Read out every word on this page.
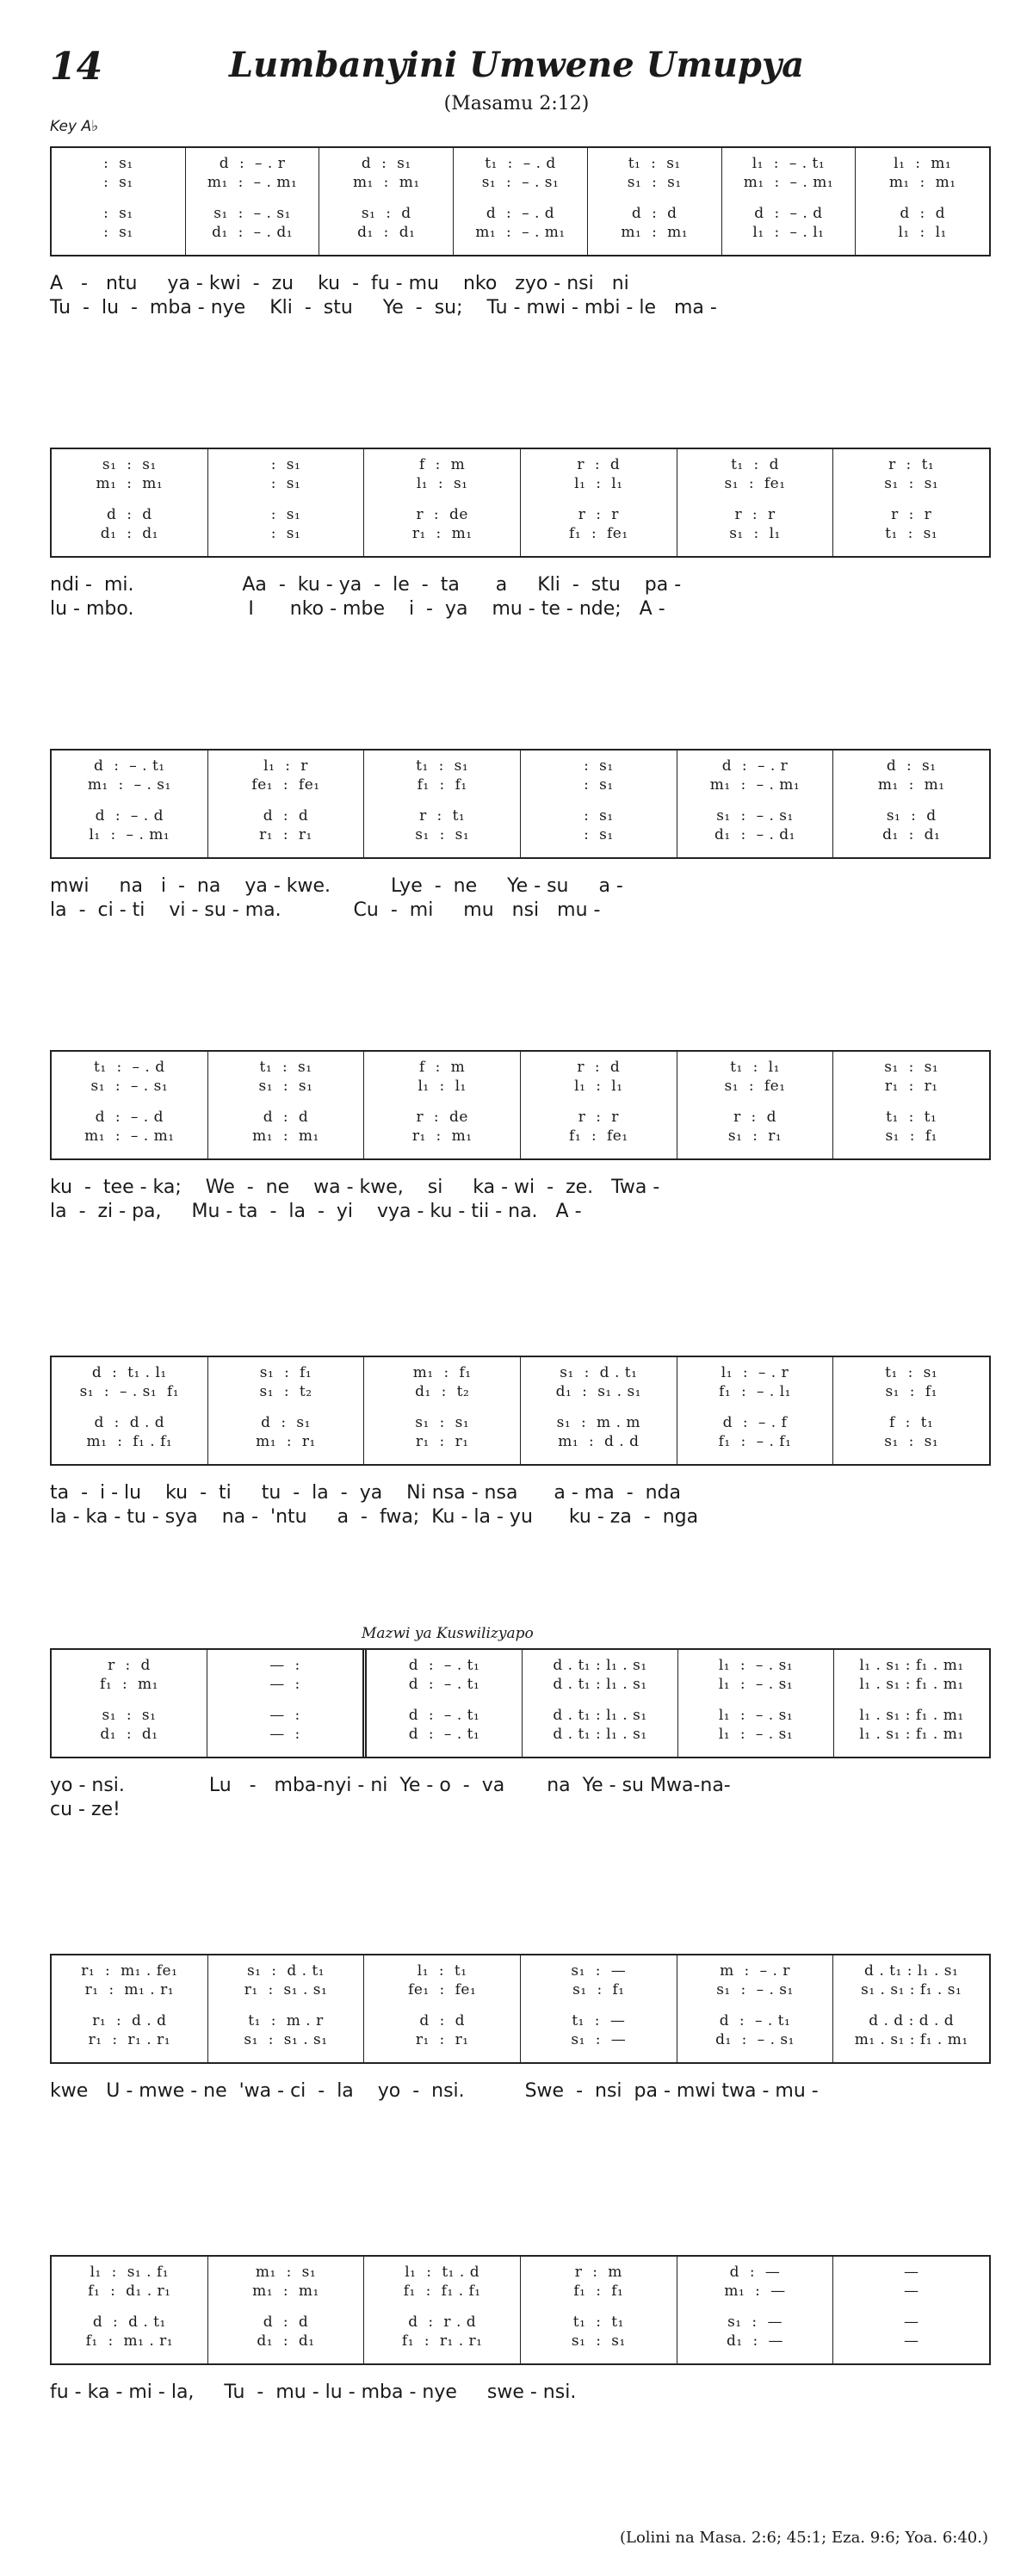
14	Lumbanyini Umwene Umupya
(Masamu 2:12)
Key A♭
:  s₁
:  s₁
:  s₁
:  s₁
d  :  – . r
m₁  :  – . m₁
s₁  :  – . s₁
d₁  :  – . d₁
d  :  s₁
m₁  :  m₁
s₁  :  d
d₁  :  d₁
t₁  :  – . d
s₁  :  – . s₁
d  :  – . d
m₁  :  – . m₁
t₁  :  s₁
s₁  :  s₁
d  :  d
m₁  :  m₁
l₁  :  – . t₁
m₁  :  – . m₁
d  :  – . d
l₁  :  – . l₁
l₁  :  m₁
m₁  :  m₁
d  :  d
l₁  :  l₁
A   -   ntu     ya - kwi  -  zu    ku  -  fu - mu    nko   zyo - nsi   ni
Tu  -  lu  -  mba - nye    Kli  -  stu     Ye  -  su;    Tu - mwi - mbi - le   ma -
s₁  :  s₁
m₁  :  m₁
d  :  d
d₁  :  d₁
:  s₁
:  s₁
:  s₁
:  s₁
f  :  m
l₁  :  s₁
r  :  de
r₁  :  m₁
r  :  d
l₁  :  l₁
r  :  r
f₁  :  fe₁
t₁  :  d
s₁  :  fe₁
r  :  r
s₁  :  l₁
r  :  t₁
s₁  :  s₁
r  :  r
t₁  :  s₁
ndi -  mi.                  Aa  -  ku - ya  -  le  -  ta      a     Kli  -  stu    pa -
lu - mbo.                   I      nko - mbe    i  -  ya    mu - te - nde;   A -
d  :  – . t₁
m₁  :  – . s₁
d  :  – . d
l₁  :  – . m₁
l₁  :  r
fe₁  :  fe₁
d  :  d
r₁  :  r₁
t₁  :  s₁
f₁  :  f₁
r  :  t₁
s₁  :  s₁
:  s₁
:  s₁
:  s₁
:  s₁
d  :  – . r
m₁  :  – . m₁
s₁  :  – . s₁
d₁  :  – . d₁
d  :  s₁
m₁  :  m₁
s₁  :  d
d₁  :  d₁
mwi     na   i  -  na    ya - kwe.          Lye  -  ne     Ye - su     a -
la  -  ci - ti    vi - su - ma.            Cu  -  mi     mu   nsi   mu -
t₁  :  – . d
s₁  :  – . s₁
d  :  – . d
m₁  :  – . m₁
t₁  :  s₁
s₁  :  s₁
d  :  d
m₁  :  m₁
f  :  m
l₁  :  l₁
r  :  de
r₁  :  m₁
r  :  d
l₁  :  l₁
r  :  r
f₁  :  fe₁
t₁  :  l₁
s₁  :  fe₁
r  :  d
s₁  :  r₁
s₁  :  s₁
r₁  :  r₁
t₁  :  t₁
s₁  :  f₁
ku  -  tee - ka;    We  -  ne    wa - kwe,    si     ka - wi  -  ze.   Twa -
la  -  zi - pa,     Mu - ta  -  la  -  yi    vya - ku - tii - na.   A -
d  :  t₁ . l₁
s₁  :  – . s₁  f₁
d  :  d . d
m₁  :  f₁ . f₁
s₁  :  f₁
s₁  :  t₂
d  :  s₁
m₁  :  r₁
m₁  :  f₁
d₁  :  t₂
s₁  :  s₁
r₁  :  r₁
s₁  :  d . t₁
d₁  :  s₁ . s₁
s₁  :  m . m
m₁  :  d . d
l₁  :  – . r
f₁  :  – . l₁
d  :  – . f
f₁  :  – . f₁
t₁  :  s₁
s₁  :  f₁
f  :  t₁
s₁  :  s₁
ta  -  i - lu    ku  -  ti     tu  -  la  -  ya    Ni nsa - nsa      a - ma  -  nda
la - ka - tu - sya    na -  'ntu     a  -  fwa;  Ku - la - yu      ku - za  -  nga
r  :  d
f₁  :  m₁
s₁  :  s₁
d₁  :  d₁
—  :
—  :
—  :
—  :
d  :  – . t₁
d  :  – . t₁
d  :  – . t₁
d  :  – . t₁
d . t₁ : l₁ . s₁
d . t₁ : l₁ . s₁
d . t₁ : l₁ . s₁
d . t₁ : l₁ . s₁
l₁  :  – . s₁
l₁  :  – . s₁
l₁  :  – . s₁
l₁  :  – . s₁
l₁ . s₁ : f₁ . m₁
l₁ . s₁ : f₁ . m₁
l₁ . s₁ : f₁ . m₁
l₁ . s₁ : f₁ . m₁
yo - nsi.              Lu   -   mba-nyi - ni  Ye - o  -  va       na  Ye - su Mwa-na-
cu - ze!
r₁  :  m₁ . fe₁
r₁  :  m₁ . r₁
r₁  :  d . d
r₁  :  r₁ . r₁
s₁  :  d . t₁
r₁  :  s₁ . s₁
t₁  :  m . r
s₁  :  s₁ . s₁
l₁  :  t₁
fe₁  :  fe₁
d  :  d
r₁  :  r₁
s₁  :  —
s₁  :  f₁
t₁  :  —
s₁  :  —
m  :  – . r
s₁  :  – . s₁
d  :  – . t₁
d₁  :  – . s₁
d . t₁ : l₁ . s₁
s₁ . s₁ : f₁ . s₁
d . d : d . d
m₁ . s₁ : f₁ . m₁
kwe   U - mwe - ne  'wa - ci  -  la    yo  -  nsi.          Swe  -  nsi  pa - mwi twa - mu -
l₁  :  s₁ . f₁
f₁  :  d₁ . r₁
d  :  d . t₁
f₁  :  m₁ . r₁
m₁  :  s₁
m₁  :  m₁
d  :  d
d₁  :  d₁
l₁  :  t₁ . d
f₁  :  f₁ . f₁
d  :  r . d
f₁  :  r₁ . r₁
r  :  m
f₁  :  f₁
t₁  :  t₁
s₁  :  s₁
d  :  —
m₁  :  —
s₁  :  —
d₁  :  —
—
—
—
—
fu - ka - mi - la,     Tu  -  mu - lu - mba - nye     swe - nsi.
Mazwi ya Kuswilizyapo
(Lolini na Masa. 2:6; 45:1; Eza. 9:6; Yoa. 6:40.)
